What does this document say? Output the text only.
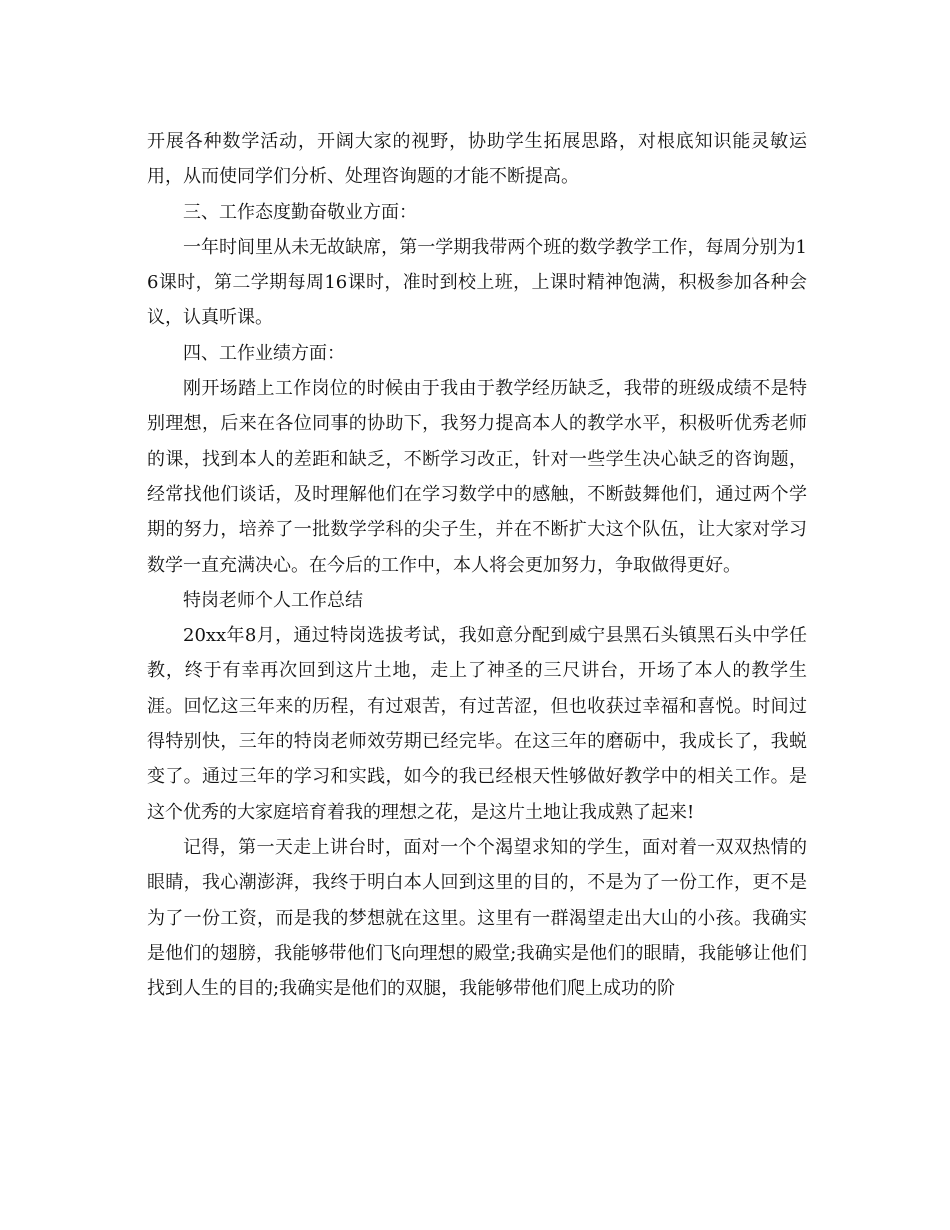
开展各种数学活动，开阔大家的视野，协助学生拓展思路，对根底知识能灵敏运用，从而使同学们分析、处理咨询题的才能不断提高。

三、工作态度勤奋敬业方面：

一年时间里从未无故缺席，第一学期我带两个班的数学教学工作，每周分别为16课时，第二学期每周16课时，准时到校上班，上课时精神饱满，积极参加各种会议，认真听课。

四、工作业绩方面：

刚开场踏上工作岗位的时候由于我由于教学经历缺乏，我带的班级成绩不是特别理想，后来在各位同事的协助下，我努力提高本人的教学水平，积极听优秀老师的课，找到本人的差距和缺乏，不断学习改正，针对一些学生决心缺乏的咨询题，经常找他们谈话，及时理解他们在学习数学中的感触，不断鼓舞他们，通过两个学期的努力，培养了一批数学学科的尖子生，并在不断扩大这个队伍，让大家对学习数学一直充满决心。在今后的工作中，本人将会更加努力，争取做得更好。

特岗老师个人工作总结

20xx年8月，通过特岗选拔考试，我如意分配到威宁县黑石头镇黑石头中学任教，终于有幸再次回到这片土地，走上了神圣的三尺讲台，开场了本人的教学生涯。回忆这三年来的历程，有过艰苦，有过苦涩，但也收获过幸福和喜悦。时间过得特别快，三年的特岗老师效劳期已经完毕。在这三年的磨砺中，我成长了，我蜕变了。通过三年的学习和实践，如今的我已经根天性够做好教学中的相关工作。是这个优秀的大家庭培育着我的理想之花，是这片土地让我成熟了起来!

记得，第一天走上讲台时，面对一个个渴望求知的学生，面对着一双双热情的眼睛，我心潮澎湃，我终于明白本人回到这里的目的，不是为了一份工作，更不是为了一份工资，而是我的梦想就在这里。这里有一群渴望走出大山的小孩。我确实是他们的翅膀，我能够带他们飞向理想的殿堂;我确实是他们的眼睛，我能够让他们找到人生的目的;我确实是他们的双腿，我能够带他们爬上成功的阶
